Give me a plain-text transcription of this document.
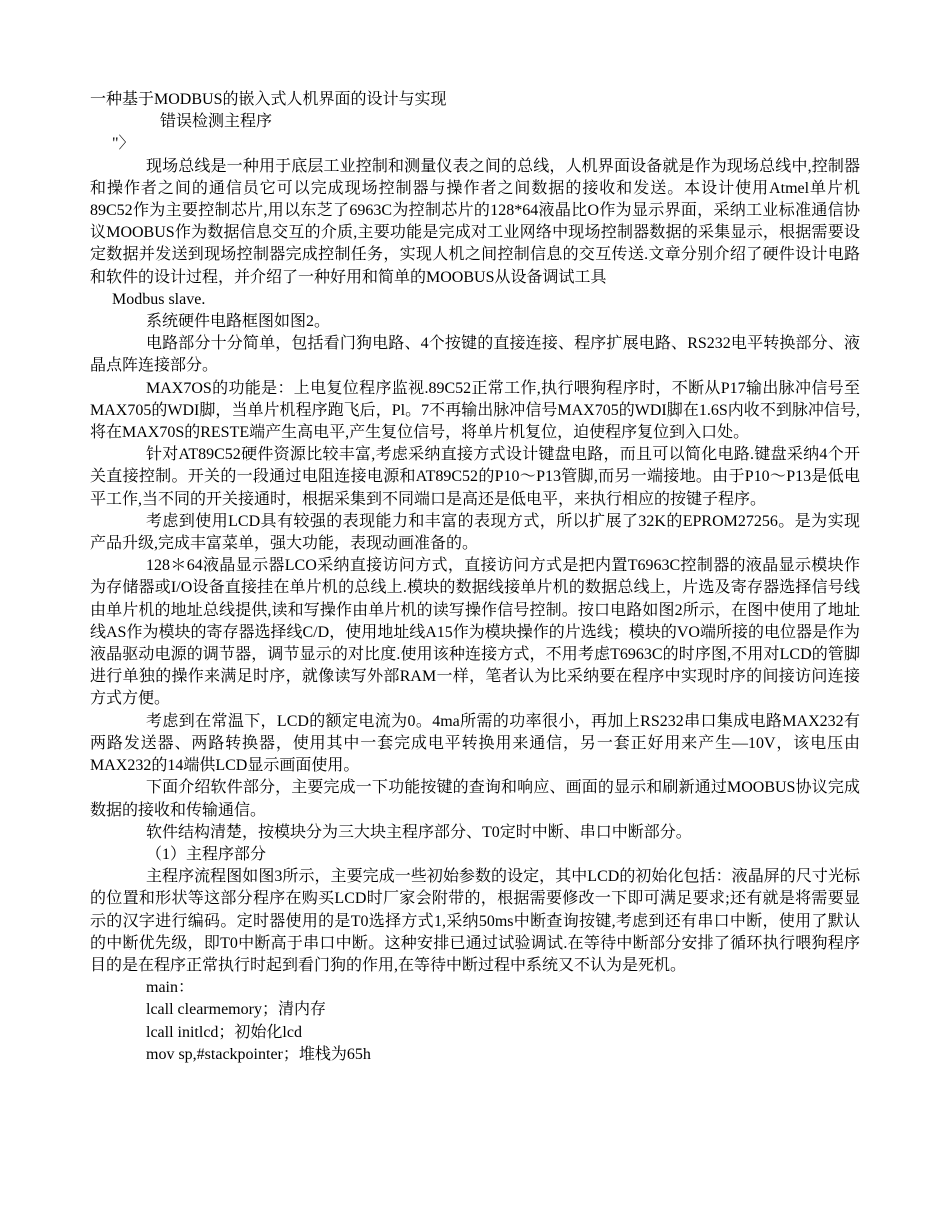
一种基于MODBUS的嵌入式人机界面的设计与实现

错误检测主程序

"〉

现场总线是一种用于底层工业控制和测量仪表之间的总线，人机界面设备就是作为现场总线中,控制器和操作者之间的通信员它可以完成现场控制器与操作者之间数据的接收和发送。本设计使用Atmel单片机89C52作为主要控制芯片,用以东芝了6963C为控制芯片的128*64液晶比O作为显示界面，采纳工业标准通信协议MOOBUS作为数据信息交互的介质,主要功能是完成对工业网络中现场控制器数据的采集显示，根据需要设定数据并发送到现场控制器完成控制任务，实现人机之间控制信息的交互传送.文章分别介绍了硬件设计电路和软件的设计过程，并介绍了一种好用和简单的MOOBUS从设备调试工具

Modbus slave.

系统硬件电路框图如图2。

电路部分十分简单，包括看门狗电路、4个按键的直接连接、程序扩展电路、RS232电平转换部分、液晶点阵连接部分。

MAX7OS的功能是：上电复位程序监视.89C52正常工作,执行喂狗程序时，不断从P17输出脉冲信号至MAX705的WDI脚，当单片机程序跑飞后，Pl。7不再输出脉冲信号MAX705的WDI脚在1.6S内收不到脉冲信号,将在MAX70S的RESTE端产生高电平,产生复位信号，将单片机复位，迫使程序复位到入口处。

针对AT89C52硬件资源比较丰富,考虑采纳直接方式设计键盘电路，而且可以简化电路.键盘采纳4个开关直接控制。开关的一段通过电阻连接电源和AT89C52的P10～P13管脚,而另一端接地。由于P10～P13是低电平工作,当不同的开关接通时，根据采集到不同端口是高还是低电平，来执行相应的按键子程序。

考虑到使用LCD具有较强的表现能力和丰富的表现方式，所以扩展了32K的EPROM27256。是为实现产品升级,完成丰富菜单，强大功能，表现动画准备的。

128＊64液晶显示器LCO采纳直接访问方式，直接访问方式是把内置T6963C控制器的液晶显示模块作为存储器或I/O设备直接挂在单片机的总线上.模块的数据线接单片机的数据总线上，片选及寄存器选择信号线由单片机的地址总线提供,读和写操作由单片机的读写操作信号控制。按口电路如图2所示，在图中使用了地址线AS作为模块的寄存器选择线C/D，使用地址线A15作为模块操作的片选线；模块的VO端所接的电位器是作为液晶驱动电源的调节器，调节显示的对比度.使用该种连接方式，不用考虑T6963C的时序图,不用对LCD的管脚进行单独的操作来满足时序，就像读写外部RAM一样，笔者认为比采纳要在程序中实现时序的间接访问连接方式方便。

考虑到在常温下，LCD的额定电流为0。4ma所需的功率很小，再加上RS232串口集成电路MAX232有两路发送器、两路转换器，使用其中一套完成电平转换用来通信，另一套正好用来产生—10V，该电压由MAX232的14端供LCD显示画面使用。

下面介绍软件部分，主要完成一下功能按键的查询和响应、画面的显示和刷新通过MOOBUS协议完成数据的接收和传输通信。

软件结构清楚，按模块分为三大块主程序部分、T0定时中断、串口中断部分。

（1）主程序部分

主程序流程图如图3所示，主要完成一些初始参数的设定，其中LCD的初始化包括：液晶屏的尺寸光标的位置和形状等这部分程序在购买LCD时厂家会附带的，根据需要修改一下即可满足要求;还有就是将需要显示的汉字进行编码。定时器使用的是T0选择方式1,采纳50ms中断查询按键,考虑到还有串口中断，使用了默认的中断优先级，即T0中断高于串口中断。这种安排已通过试验调试.在等待中断部分安排了循环执行喂狗程序目的是在程序正常执行时起到看门狗的作用,在等待中断过程中系统又不认为是死机。

main：

lcall clearmemory；清内存

lcall initlcd；初始化lcd

mov sp,#stackpointer；堆栈为65h
